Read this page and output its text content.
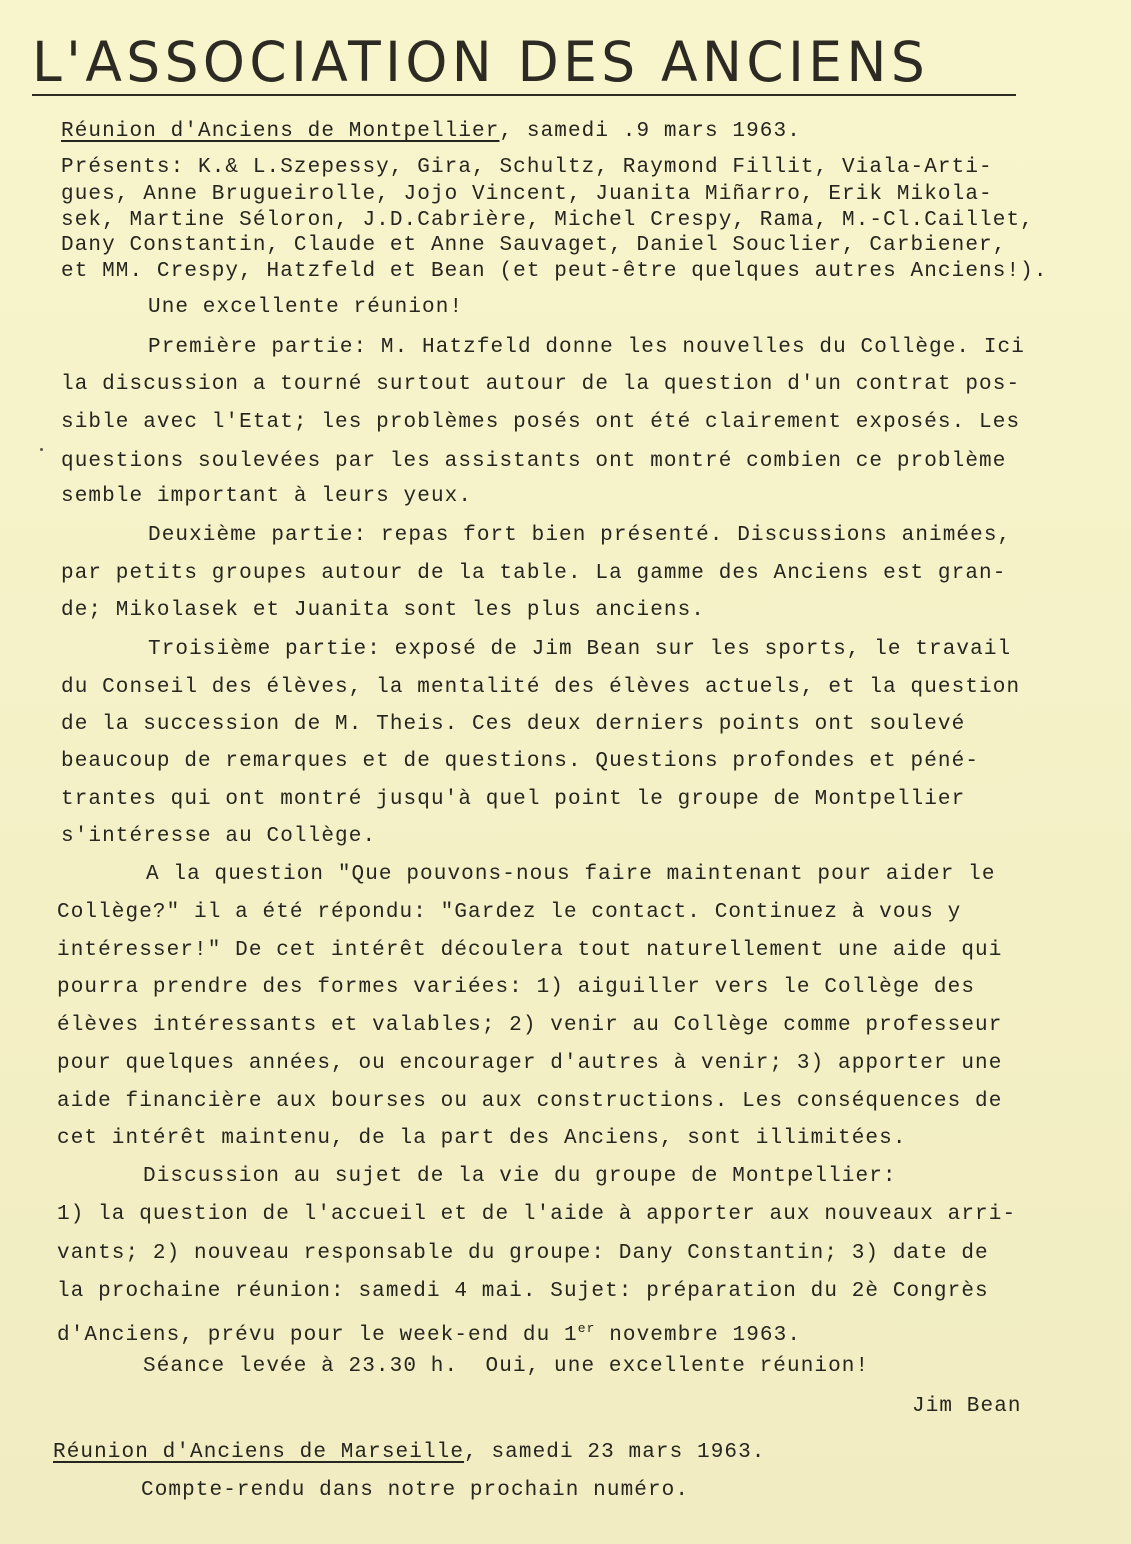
L'ASSOCIATION DES ANCIENS
Réunion d'Anciens de Montpellier, samedi .9 mars 1963.
Présents: K.& L.Szepessy, Gira, Schultz, Raymond Fillit, Viala-Arti-
gues, Anne Brugueirolle, Jojo Vincent, Juanita Miñarro, Erik Mikola-
sek, Martine Séloron, J.D.Cabrière, Michel Crespy, Rama, M.-Cl.Caillet,
Dany Constantin, Claude et Anne Sauvaget, Daniel Souclier, Carbiener,
et MM. Crespy, Hatzfeld et Bean (et peut-être quelques autres Anciens!).
Une excellente réunion!
Première partie: M. Hatzfeld donne les nouvelles du Collège. Ici
la discussion a tourné surtout autour de la question d'un contrat pos-
sible avec l'Etat; les problèmes posés ont été clairement exposés. Les
questions soulevées par les assistants ont montré combien ce problème
semble important à leurs yeux.
Deuxième partie: repas fort bien présenté. Discussions animées,
par petits groupes autour de la table. La gamme des Anciens est gran-
de; Mikolasek et Juanita sont les plus anciens.
Troisième partie: exposé de Jim Bean sur les sports, le travail
du Conseil des élèves, la mentalité des élèves actuels, et la question
de la succession de M. Theis. Ces deux derniers points ont soulevé
beaucoup de remarques et de questions. Questions profondes et péné-
trantes qui ont montré jusqu'à quel point le groupe de Montpellier
s'intéresse au Collège.
A la question "Que pouvons-nous faire maintenant pour aider le
Collège?" il a été répondu: "Gardez le contact. Continuez à vous y
intéresser!" De cet intérêt découlera tout naturellement une aide qui
pourra prendre des formes variées: 1) aiguiller vers le Collège des
élèves intéressants et valables; 2) venir au Collège comme professeur
pour quelques années, ou encourager d'autres à venir; 3) apporter une
aide financière aux bourses ou aux constructions. Les conséquences de
cet intérêt maintenu, de la part des Anciens, sont illimitées.
Discussion au sujet de la vie du groupe de Montpellier:
1) la question de l'accueil et de l'aide à apporter aux nouveaux arri-
vants; 2) nouveau responsable du groupe: Dany Constantin; 3) date de
la prochaine réunion: samedi 4 mai. Sujet: préparation du 2è Congrès
d'Anciens, prévu pour le week-end du 1er novembre 1963.
Séance levée à 23.30 h.  Oui, une excellente réunion!
Jim Bean
Réunion d'Anciens de Marseille, samedi 23 mars 1963.
Compte-rendu dans notre prochain numéro.
